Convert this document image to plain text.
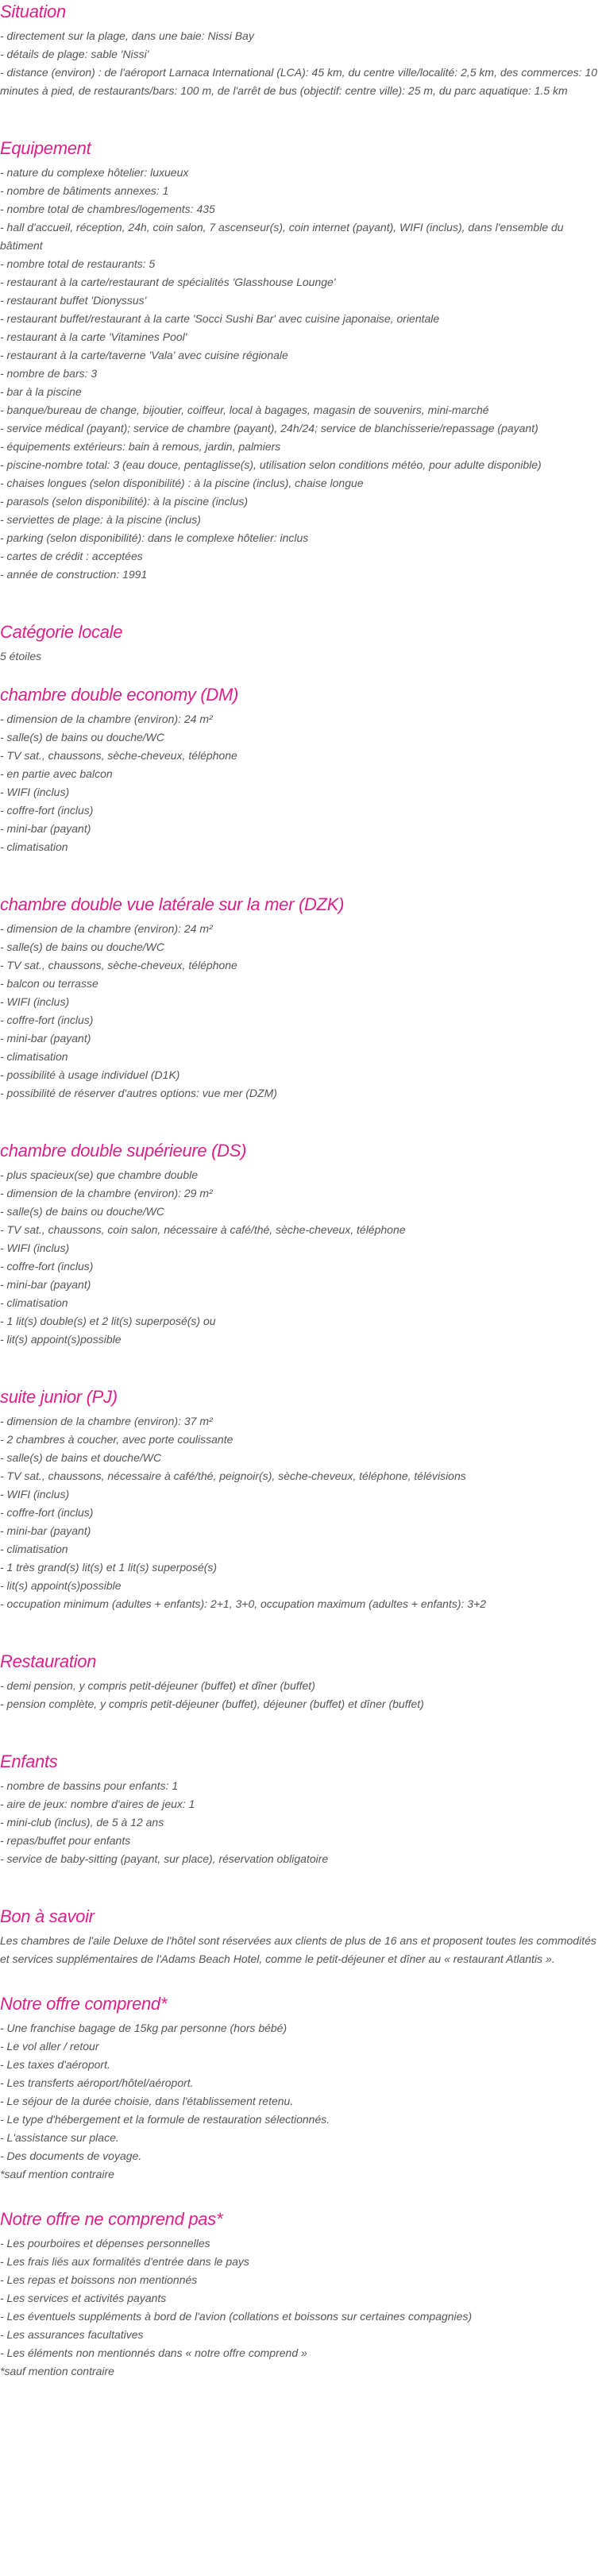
Situation
- directement sur la plage, dans une baie: Nissi Bay
- détails de plage: sable 'Nissi'
- distance (environ) : de l'aéroport Larnaca International (LCA): 45 km, du centre ville/localité: 2,5 km, des commerces: 10 minutes à pied, de restaurants/bars: 100 m, de l'arrêt de bus (objectif: centre ville): 25 m, du parc aquatique: 1.5 km
Equipement
- nature du complexe hôtelier: luxueux
- nombre de bâtiments annexes: 1
- nombre total de chambres/logements: 435
- hall d'accueil, réception, 24h, coin salon, 7 ascenseur(s), coin internet (payant), WIFI (inclus), dans l'ensemble du bâtiment
- nombre total de restaurants: 5
- restaurant à la carte/restaurant de spécialités 'Glasshouse Lounge'
- restaurant buffet 'Dionyssus'
- restaurant buffet/restaurant à la carte 'Socci Sushi Bar' avec cuisine japonaise, orientale
- restaurant à la carte 'Vitamines Pool'
- restaurant à la carte/taverne 'Vala' avec cuisine régionale
- nombre de bars: 3
- bar à la piscine
- banque/bureau de change, bijoutier, coiffeur, local à bagages, magasin de souvenirs, mini-marché
- service médical (payant); service de chambre (payant), 24h/24; service de blanchisserie/repassage (payant)
- équipements extérieurs: bain à remous, jardin, palmiers
- piscine-nombre total: 3 (eau douce, pentaglisse(s), utilisation selon conditions météo, pour adulte disponible)
- chaises longues (selon disponibilité) : à la piscine (inclus), chaise longue
- parasols (selon disponibilité): à la piscine (inclus)
- serviettes de plage: à la piscine (inclus)
- parking (selon disponibilité): dans le complexe hôtelier: inclus
- cartes de crédit : acceptées
- année de construction: 1991
Catégorie locale

5 étoiles

chambre double economy (DM)
- dimension de la chambre (environ): 24 m²
- salle(s) de bains ou douche/WC
- TV sat., chaussons, sèche-cheveux, téléphone
- en partie avec balcon
- WIFI (inclus)
- coffre-fort (inclus)
- mini-bar (payant)
- climatisation
chambre double vue latérale sur la mer (DZK)
- dimension de la chambre (environ): 24 m²
- salle(s) de bains ou douche/WC
- TV sat., chaussons, sèche-cheveux, téléphone
- balcon ou terrasse
- WIFI (inclus)
- coffre-fort (inclus)
- mini-bar (payant)
- climatisation
- possibilité à usage individuel (D1K)
- possibilité de réserver d'autres options: vue mer (DZM)
chambre double supérieure (DS)
- plus spacieux(se) que chambre double
- dimension de la chambre (environ): 29 m²
- salle(s) de bains ou douche/WC
- TV sat., chaussons, coin salon, nécessaire à café/thé, sèche-cheveux, téléphone
- WIFI (inclus)
- coffre-fort (inclus)
- mini-bar (payant)
- climatisation
- 1 lit(s) double(s) et 2 lit(s) superposé(s) ou
- lit(s) appoint(s)possible
suite junior (PJ)
- dimension de la chambre (environ): 37 m²
- 2 chambres à coucher, avec porte coulissante
- salle(s) de bains et douche/WC
- TV sat., chaussons, nécessaire à café/thé, peignoir(s), sèche-cheveux, téléphone, télévisions
- WIFI (inclus)
- coffre-fort (inclus)
- mini-bar (payant)
- climatisation
- 1 très grand(s) lit(s) et 1 lit(s) superposé(s)
- lit(s) appoint(s)possible
- occupation minimum (adultes + enfants): 2+1, 3+0, occupation maximum (adultes + enfants): 3+2
Restauration
- demi pension, y compris petit-déjeuner (buffet) et dîner (buffet)
- pension complète, y compris petit-déjeuner (buffet), déjeuner (buffet) et dîner (buffet)
Enfants
- nombre de bassins pour enfants: 1
- aire de jeux: nombre d'aires de jeux: 1
- mini-club (inclus), de 5 à 12 ans
- repas/buffet pour enfants
- service de baby-sitting (payant, sur place), réservation obligatoire
Bon à savoir

Les chambres de l'aile Deluxe de l'hôtel sont réservées aux clients de plus de 16 ans et proposent toutes les commodités et services supplémentaires de l'Adams Beach Hotel, comme le petit-déjeuner et dîner au « restaurant Atlantis ».

Notre offre comprend*
- Une franchise bagage de 15kg par personne (hors bébé)
- Le vol aller / retour
- Les taxes d'aéroport.
- Les transferts aéroport/hôtel/aéroport.
- Le séjour de la durée choisie, dans l'établissement retenu.
- Le type d'hébergement et la formule de restauration sélectionnés.
- L'assistance sur place.
- Des documents de voyage.
*sauf mention contraire
Notre offre ne comprend pas*
- Les pourboires et dépenses personnelles
- Les frais liés aux formalités d'entrée dans le pays
- Les repas et boissons non mentionnés
- Les services et activités payants
- Les éventuels suppléments à bord de l'avion (collations et boissons sur certaines compagnies)
- Les assurances facultatives
- Les éléments non mentionnés dans « notre offre comprend »
*sauf mention contraire
